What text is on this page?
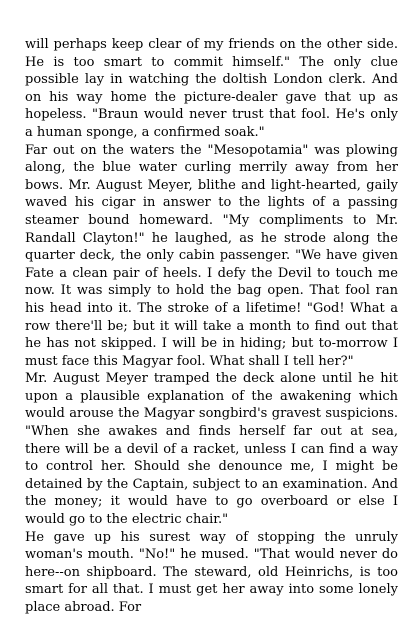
will perhaps keep clear of my friends on the other side. He is too smart to commit himself." The only clue possible lay in watching the doltish London clerk. And on his way home the picture-dealer gave that up as hopeless. "Braun would never trust that fool. He's only a human sponge, a confirmed soak."

Far out on the waters the "Mesopotamia" was plowing along, the blue water curling merrily away from her bows. Mr. August Meyer, blithe and light-hearted, gaily waved his cigar in answer to the lights of a passing steamer bound homeward. "My compliments to Mr. Randall Clayton!" he laughed, as he strode along the quarter deck, the only cabin passenger. "We have given Fate a clean pair of heels. I defy the Devil to touch me now. It was simply to hold the bag open. That fool ran his head into it. The stroke of a lifetime! "God! What a row there'll be; but it will take a month to find out that he has not skipped. I will be in hiding; but to-morrow I must face this Magyar fool. What shall I tell her?"

Mr. August Meyer tramped the deck alone until he hit upon a plausible explanation of the awakening which would arouse the Magyar songbird's gravest suspicions. "When she awakes and finds herself far out at sea, there will be a devil of a racket, unless I can find a way to control her. Should she denounce me, I might be detained by the Captain, subject to an examination. And the money; it would have to go overboard or else I would go to the electric chair."

He gave up his surest way of stopping the unruly woman's mouth. "No!" he mused. "That would never do here--on shipboard. The steward, old Heinrichs, is too smart for all that. I must get her away into some lonely place abroad. For
